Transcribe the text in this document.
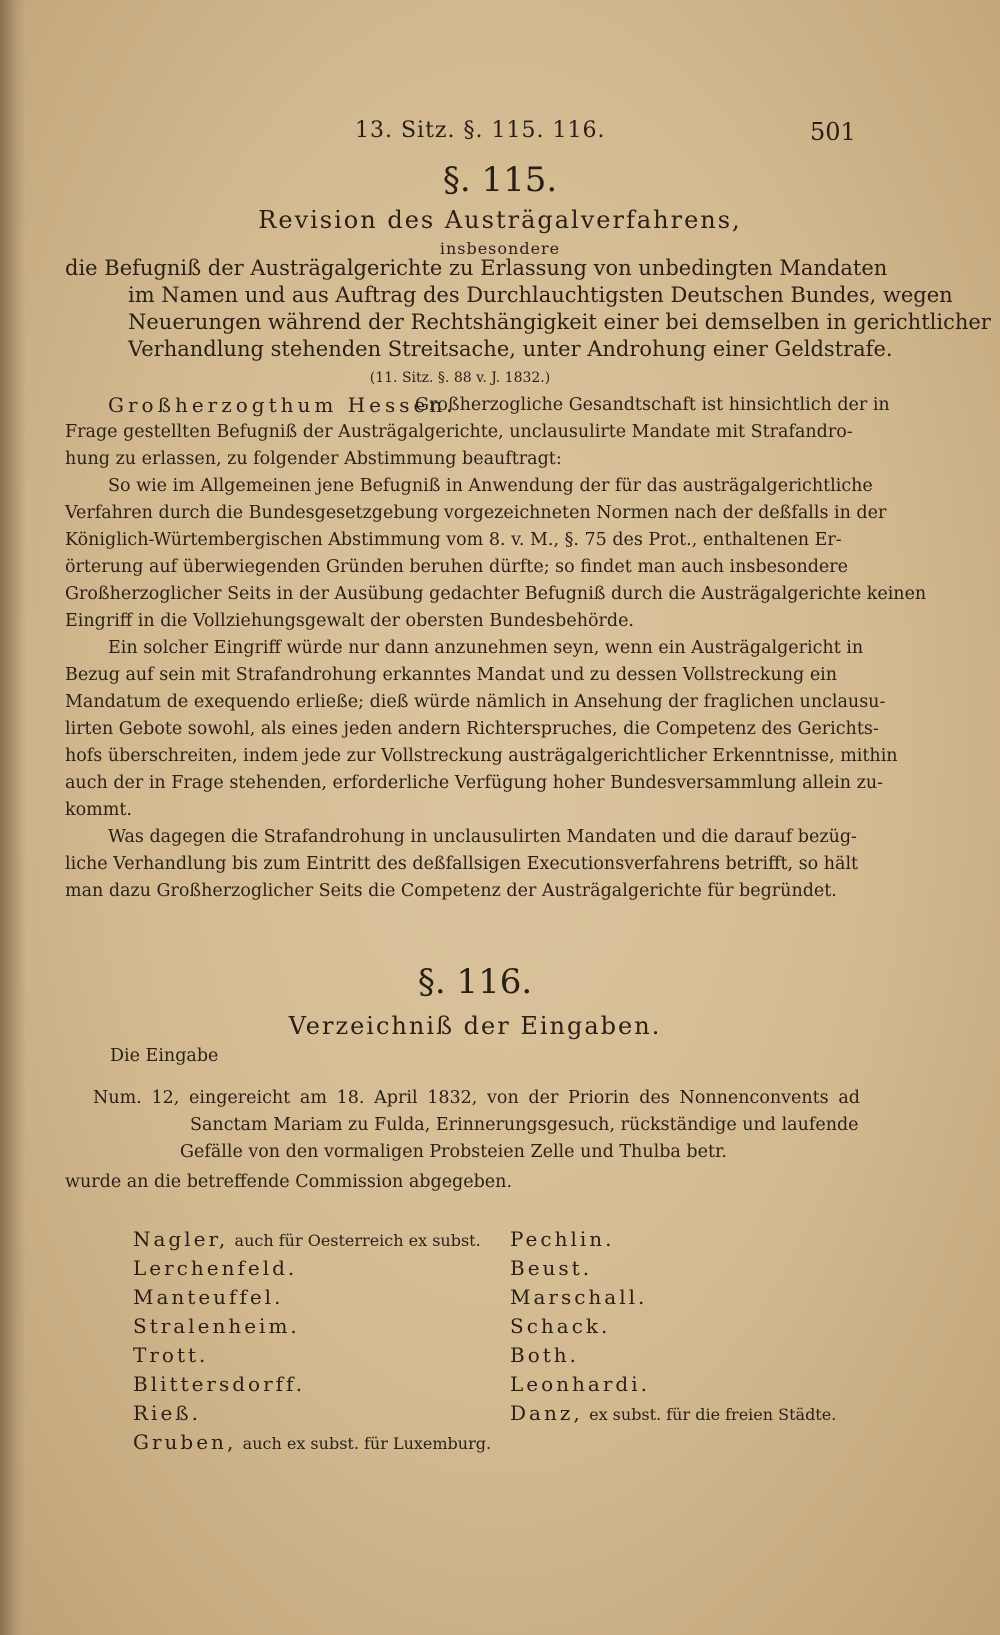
13. Sitz. §. 115. 116.	501
§. 115.
Revision des Austrägalverfahrens,
insbesondere
die Befugniß der Austrägalgerichte zu Erlassung von unbedingten Mandaten
im Namen und aus Auftrag des Durchlauchtigsten Deutschen Bundes, wegen
Neuerungen während der Rechtshängigkeit einer bei demselben in gerichtlicher
Verhandlung stehenden Streitsache, unter Androhung einer Geldstrafe.
(11. Sitz. §. 88 v. J. 1832.)
Großherzogthum Hessen.
Großherzogliche Gesandtschaft ist hinsichtlich der in
Frage gestellten Befugniß der Austrägalgerichte, unclausulirte Mandate mit Strafandro-
hung zu erlassen, zu folgender Abstimmung beauftragt:
So wie im Allgemeinen jene Befugniß in Anwendung der für das austrägalgerichtliche
Verfahren durch die Bundesgesetzgebung vorgezeichneten Normen nach der deßfalls in der
Königlich-Würtembergischen Abstimmung vom 8. v. M., §. 75 des Prot., enthaltenen Er-
örterung auf überwiegenden Gründen beruhen dürfte; so findet man auch insbesondere
Großherzoglicher Seits in der Ausübung gedachter Befugniß durch die Austrägalgerichte keinen
Eingriff in die Vollziehungsgewalt der obersten Bundesbehörde.
Ein solcher Eingriff würde nur dann anzunehmen seyn, wenn ein Austrägalgericht in
Bezug auf sein mit Strafandrohung erkanntes Mandat und zu dessen Vollstreckung ein
Mandatum de exequendo erließe; dieß würde nämlich in Ansehung der fraglichen unclausu-
lirten Gebote sowohl, als eines jeden andern Richterspruches, die Competenz des Gerichts-
hofs überschreiten, indem jede zur Vollstreckung austrägalgerichtlicher Erkenntnisse, mithin
auch der in Frage stehenden, erforderliche Verfügung hoher Bundesversammlung allein zu-
kommt.
Was dagegen die Strafandrohung in unclausulirten Mandaten und die darauf bezüg-
liche Verhandlung bis zum Eintritt des deßfallsigen Executionsverfahrens betrifft, so hält
man dazu Großherzoglicher Seits die Competenz der Austrägalgerichte für begründet.
§. 116.
Verzeichniß der Eingaben.
Die Eingabe
Num. 12, eingereicht am 18. April 1832, von der Priorin des Nonnenconvents ad
Sanctam Mariam zu Fulda, Erinnerungsgesuch, rückständige und laufende
Gefälle von den vormaligen Probsteien Zelle und Thulba betr.
wurde an die betreffende Commission abgegeben.
Nagler, auch für Oesterreich ex subst.
Lerchenfeld.
Manteuffel.
Stralenheim.
Trott.
Blittersdorff.
Rieß.
Gruben, auch ex subst. für Luxemburg.
Pechlin.
Beust.
Marschall.
Schack.
Both.
Leonhardi.
Danz, ex subst. für die freien Städte.
